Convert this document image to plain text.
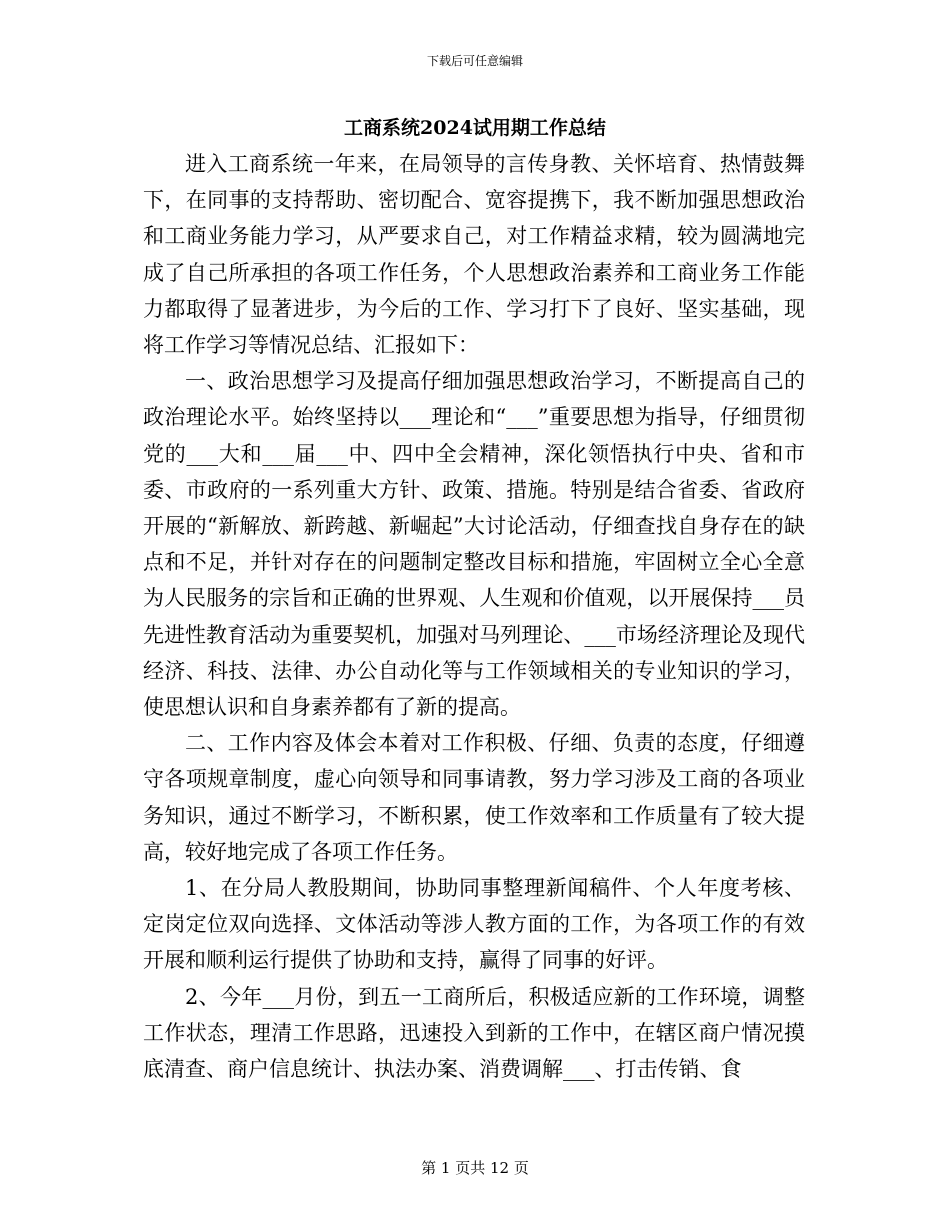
下载后可任意编辑
工商系统2024试用期工作总结

进入工商系统一年来，在局领导的言传身教、关怀培育、热情鼓舞下，在同事的支持帮助、密切配合、宽容提携下，我不断加强思想政治和工商业务能力学习，从严要求自己，对工作精益求精，较为圆满地完成了自己所承担的各项工作任务，个人思想政治素养和工商业务工作能力都取得了显著进步，为今后的工作、学习打下了良好、坚实基础，现将工作学习等情况总结、汇报如下：

一、政治思想学习及提高仔细加强思想政治学习，不断提高自己的政治理论水平。始终坚持以___理论和“___”重要思想为指导，仔细贯彻党的___大和___届___中、四中全会精神，深化领悟执行中央、省和市委、市政府的一系列重大方针、政策、措施。特别是结合省委、省政府开展的“新解放、新跨越、新崛起”大讨论活动，仔细查找自身存在的缺点和不足，并针对存在的问题制定整改目标和措施，牢固树立全心全意为人民服务的宗旨和正确的世界观、人生观和价值观，以开展保持___员先进性教育活动为重要契机，加强对马列理论、___市场经济理论及现代经济、科技、法律、办公自动化等与工作领域相关的专业知识的学习，使思想认识和自身素养都有了新的提高。

二、工作内容及体会本着对工作积极、仔细、负责的态度，仔细遵守各项规章制度，虚心向领导和同事请教，努力学习涉及工商的各项业务知识，通过不断学习，不断积累，使工作效率和工作质量有了较大提高，较好地完成了各项工作任务。

1、在分局人教股期间，协助同事整理新闻稿件、个人年度考核、定岗定位双向选择、文体活动等涉人教方面的工作，为各项工作的有效开展和顺利运行提供了协助和支持，赢得了同事的好评。

2、今年___月份，到五一工商所后，积极适应新的工作环境，调整工作状态，理清工作思路，迅速投入到新的工作中，在辖区商户情况摸底清查、商户信息统计、执法办案、消费调解___、打击传销、食

第 1 页共 12 页
